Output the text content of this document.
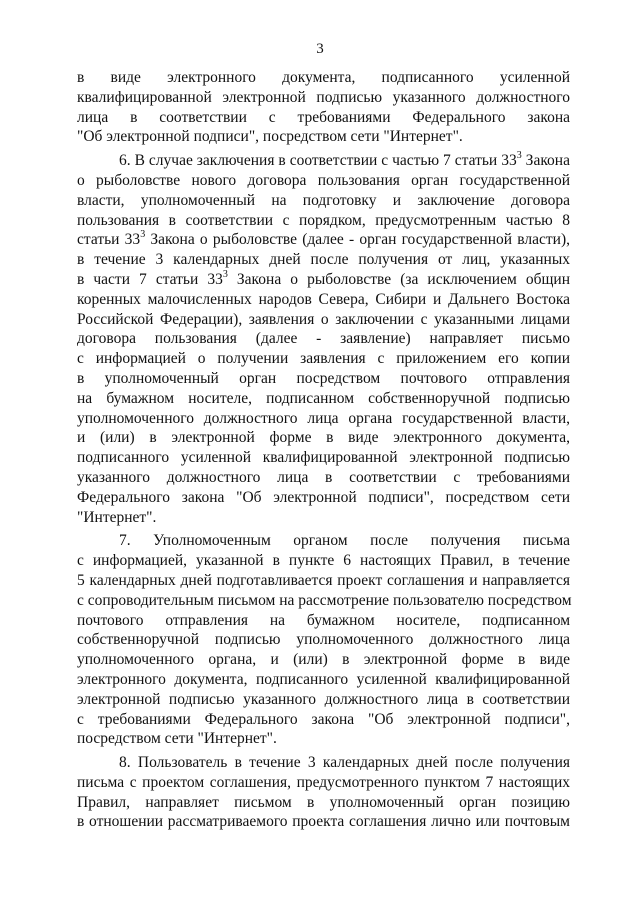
3
в виде электронного документа, подписанного усиленной
квалифицированной электронной подписью указанного должностного
лица в соответствии с требованиями Федерального закона
"Об электронной подписи", посредством сети "Интернет".
6. В случае заключения в соответствии с частью 7 статьи $33^3$ Закона
о рыболовстве нового договора пользования орган государственной
власти, уполномоченный на подготовку и заключение договора
пользования в соответствии с порядком, предусмотренным частью 8
статьи $33^3$ Закона о рыболовстве (далее - орган государственной власти),
в течение 3 календарных дней после получения от лиц, указанных
в части 7 статьи $33^3$ Закона о рыболовстве (за исключением общин
коренных малочисленных народов Севера, Сибири и Дальнего Востока
Российской Федерации), заявления о заключении с указанными лицами
договора пользования (далее - заявление) направляет письмо
с информацией о получении заявления с приложением его копии
в уполномоченный орган посредством почтового отправления
на бумажном носителе, подписанном собственноручной подписью
уполномоченного должностного лица органа государственной власти,
и (или) в электронной форме в виде электронного документа,
подписанного усиленной квалифицированной электронной подписью
указанного должностного лица в соответствии с требованиями
Федерального закона "Об электронной подписи", посредством сети
"Интернет".
7. Уполномоченным органом после получения письма
с информацией, указанной в пункте 6 настоящих Правил, в течение
5 календарных дней подготавливается проект соглашения и направляется
с сопроводительным письмом на рассмотрение пользователю посредством
почтового отправления на бумажном носителе, подписанном
собственноручной подписью уполномоченного должностного лица
уполномоченного органа, и (или) в электронной форме в виде
электронного документа, подписанного усиленной квалифицированной
электронной подписью указанного должностного лица в соответствии
с требованиями Федерального закона "Об электронной подписи",
посредством сети "Интернет".
8. Пользователь в течение 3 календарных дней после получения
письма с проектом соглашения, предусмотренного пунктом 7 настоящих
Правил, направляет письмом в уполномоченный орган позицию
в отношении рассматриваемого проекта соглашения лично или почтовым
